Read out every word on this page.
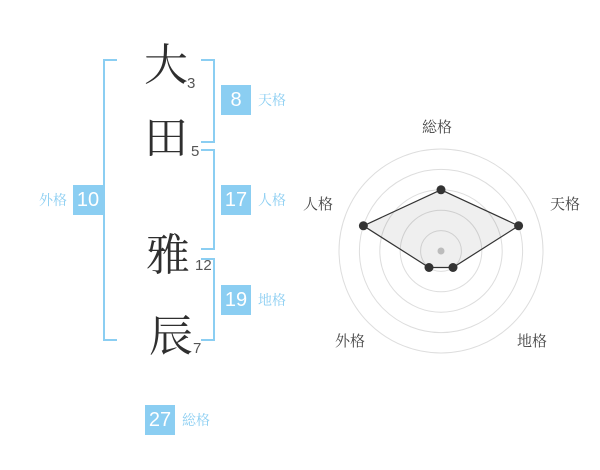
大
田
雅
辰
3
5
12
7
8	天格
17 人格
19 地格
10
外格
27 総格
総格
天格
地格
外格
人格
